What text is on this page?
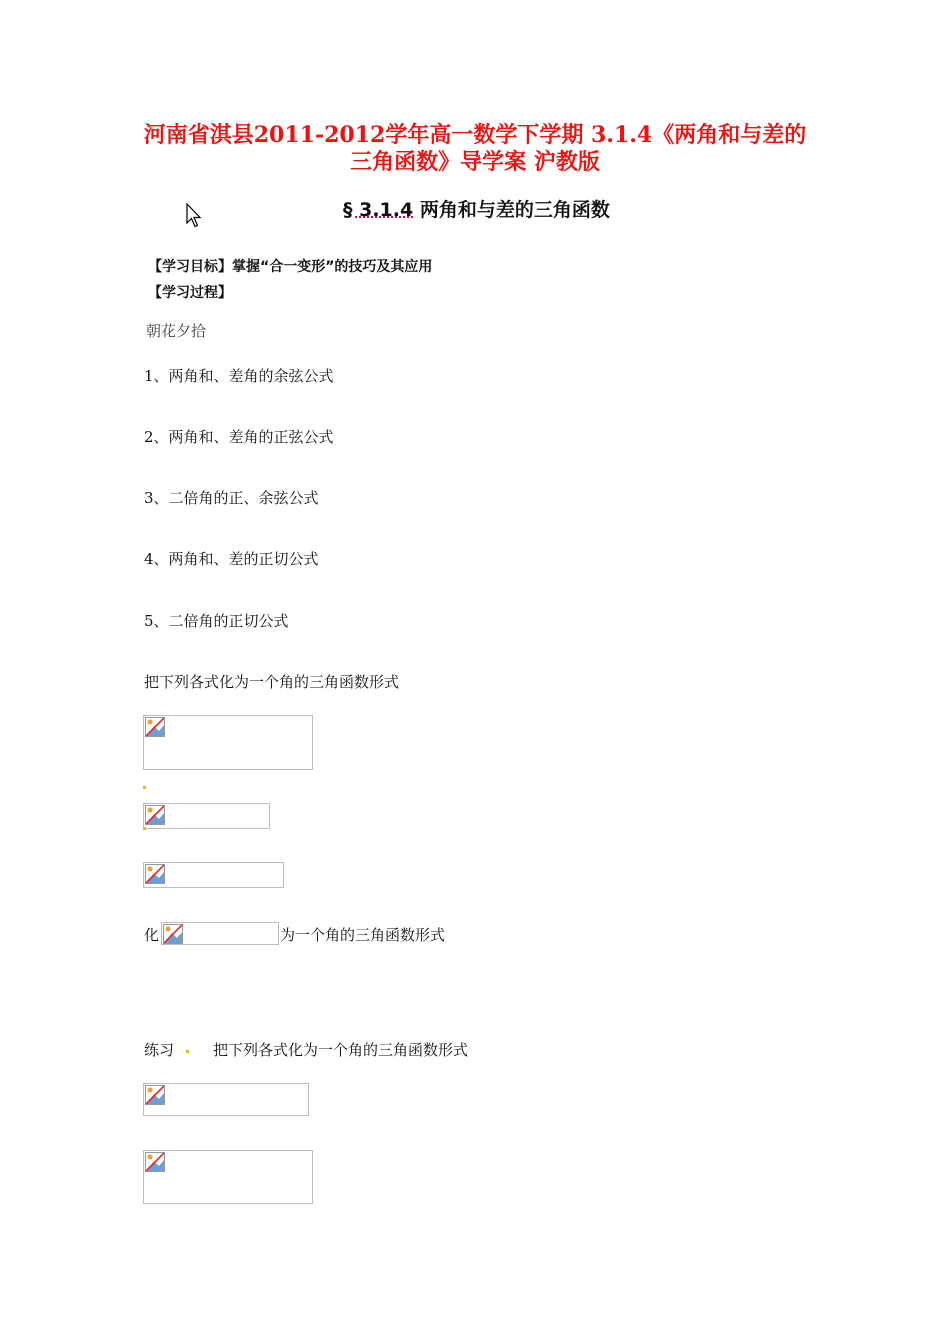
河南省淇县2011-2012学年高一数学下学期 3.1.4《两角和与差的
三角函数》导学案 沪教版
§ 3.1.4 两角和与差的三角函数
【学习目标】掌握“合一变形”的技巧及其应用
【学习过程】
朝花夕拾
1、两角和、差角的余弦公式
2、两角和、差角的正弦公式
3、二倍角的正、余弦公式
4、两角和、差的正切公式
5、二倍角的正切公式
把下列各式化为一个角的三角函数形式
化	为一个角的三角函数形式
练习	把下列各式化为一个角的三角函数形式
